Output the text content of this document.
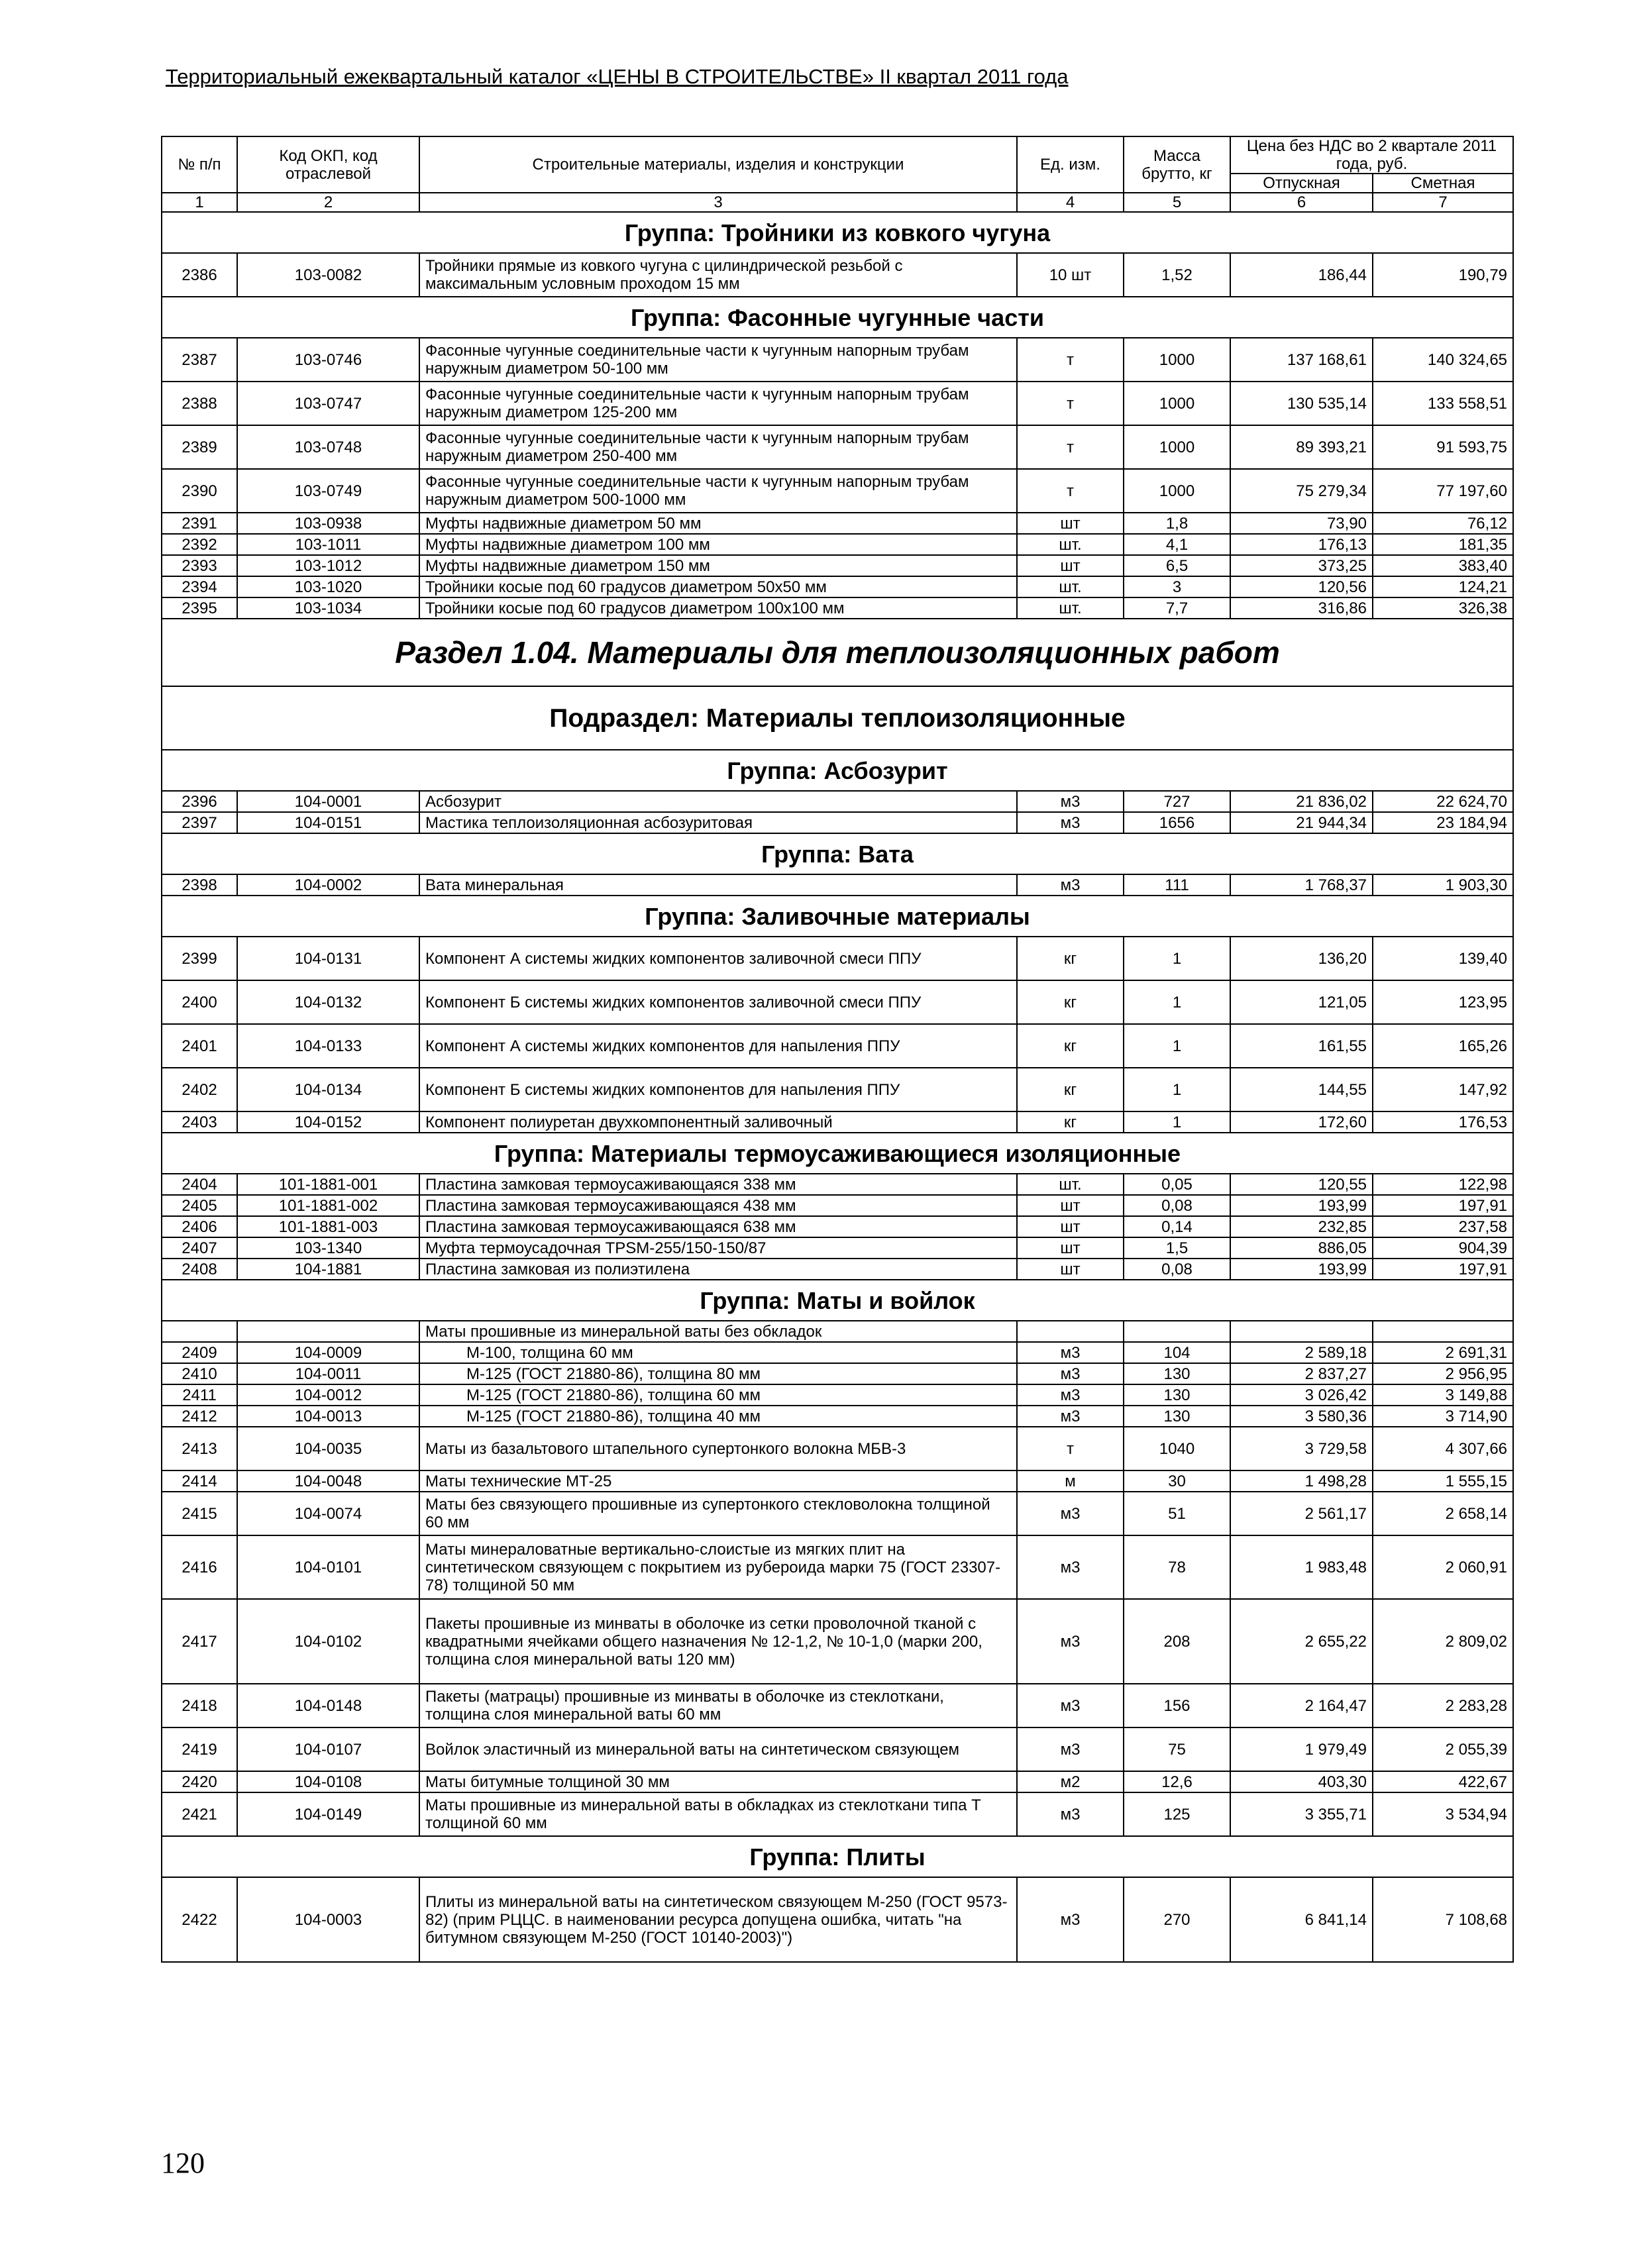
Территориальный ежеквартальный каталог «ЦЕНЫ В СТРОИТЕЛЬСТВЕ» II квартал 2011 года
№ п/п	Код ОКП, код отраслевой	Строительные материалы, изделия и конструкции	Ед. изм.	Масса брутто, кг	Цена без НДС во 2 квартале 2011 года, руб.	
					Отпускная	Сметная
1	2	3	4	5	6	7
Группа: Тройники из ковкого чугуна						
2386	103-0082	Тройники прямые из ковкого чугуна с цилиндрической резьбой с максимальным условным проходом 15 мм	10 шт	1,52	186,44	190,79
Группа: Фасонные чугунные части						
2387	103-0746	Фасонные чугунные соединительные части к чугунным напорным трубам наружным диаметром 50-100 мм	т	1000	137 168,61	140 324,65
2388	103-0747	Фасонные чугунные соединительные части к чугунным напорным трубам наружным диаметром 125-200 мм	т	1000	130 535,14	133 558,51
2389	103-0748	Фасонные чугунные соединительные части к чугунным напорным трубам наружным диаметром 250-400 мм	т	1000	89 393,21	91 593,75
2390	103-0749	Фасонные чугунные соединительные части к чугунным напорным трубам наружным диаметром 500-1000 мм	т	1000	75 279,34	77 197,60
2391	103-0938	Муфты надвижные диаметром 50 мм	шт	1,8	73,90	76,12
2392	103-1011	Муфты надвижные диаметром 100 мм	шт.	4,1	176,13	181,35
2393	103-1012	Муфты надвижные диаметром 150 мм	шт	6,5	373,25	383,40
2394	103-1020	Тройники косые под 60 градусов диаметром 50х50 мм	шт.	3	120,56	124,21
2395	103-1034	Тройники косые под 60 градусов диаметром 100х100 мм	шт.	7,7	316,86	326,38
Раздел 1.04. Материалы для теплоизоляционных работ						
Подраздел: Материалы теплоизоляционные						
Группа: Асбозурит						
2396	104-0001	Асбозурит	м3	727	21 836,02	22 624,70
2397	104-0151	Мастика теплоизоляционная асбозуритовая	м3	1656	21 944,34	23 184,94
Группа: Вата						
2398	104-0002	Вата минеральная	м3	111	1 768,37	1 903,30
Группа: Заливочные материалы						
2399	104-0131	Компонент А системы жидких компонентов заливочной смеси ППУ	кг	1	136,20	139,40
2400	104-0132	Компонент Б системы жидких компонентов заливочной смеси ППУ	кг	1	121,05	123,95
2401	104-0133	Компонент А системы жидких компонентов для напыления ППУ	кг	1	161,55	165,26
2402	104-0134	Компонент Б системы жидких компонентов для напыления ППУ	кг	1	144,55	147,92
2403	104-0152	Компонент полиуретан двухкомпонентный заливочный	кг	1	172,60	176,53
Группа: Материалы термоусаживающиеся изоляционные						
2404	101-1881-001	Пластина замковая термоусаживающаяся 338 мм	шт.	0,05	120,55	122,98
2405	101-1881-002	Пластина замковая термоусаживающаяся 438 мм	шт	0,08	193,99	197,91
2406	101-1881-003	Пластина замковая термоусаживающаяся 638 мм	шт	0,14	232,85	237,58
2407	103-1340	Муфта термоусадочная TPSM-255/150-150/87	шт	1,5	886,05	904,39
2408	104-1881	Пластина замковая из полиэтилена	шт	0,08	193,99	197,91
Группа: Маты и войлок						
		Маты прошивные из минеральной ваты без обкладок				
2409	104-0009	М-100, толщина 60 мм	м3	104	2 589,18	2 691,31
2410	104-0011	М-125 (ГОСТ 21880-86), толщина 80 мм	м3	130	2 837,27	2 956,95
2411	104-0012	М-125 (ГОСТ 21880-86), толщина 60 мм	м3	130	3 026,42	3 149,88
2412	104-0013	М-125 (ГОСТ 21880-86), толщина 40 мм	м3	130	3 580,36	3 714,90
2413	104-0035	Маты из базальтового штапельного супертонкого волокна МБВ-3	т	1040	3 729,58	4 307,66
2414	104-0048	Маты технические МТ-25	м	30	1 498,28	1 555,15
2415	104-0074	Маты без связующего прошивные из супертонкого стекловолокна толщиной 60 мм	м3	51	2 561,17	2 658,14
2416	104-0101	Маты минераловатные вертикально-слоистые из мягких плит на синтетическом связующем с покрытием из рубероида марки 75 (ГОСТ 23307-78) толщиной 50 мм	м3	78	1 983,48	2 060,91
2417	104-0102	Пакеты прошивные из минваты в оболочке из сетки проволочной тканой с квадратными ячейками общего назначения № 12-1,2, № 10-1,0 (марки 200, толщина слоя минеральной ваты 120 мм)	м3	208	2 655,22	2 809,02
2418	104-0148	Пакеты (матрацы) прошивные из минваты в оболочке из стеклоткани, толщина слоя минеральной ваты 60 мм	м3	156	2 164,47	2 283,28
2419	104-0107	Войлок эластичный из минеральной ваты на синтетическом связующем	м3	75	1 979,49	2 055,39
2420	104-0108	Маты битумные толщиной 30 мм	м2	12,6	403,30	422,67
2421	104-0149	Маты прошивные из минеральной ваты в обкладках из стеклоткани типа Т толщиной 60 мм	м3	125	3 355,71	3 534,94
Группа: Плиты						
2422	104-0003	Плиты из минеральной ваты на синтетическом связующем М-250 (ГОСТ 9573-82) (прим РЦЦС. в наименовании ресурса допущена ошибка, читать "на битумном связующем М-250 (ГОСТ 10140-2003)")	м3	270	6 841,14	7 108,68
120
